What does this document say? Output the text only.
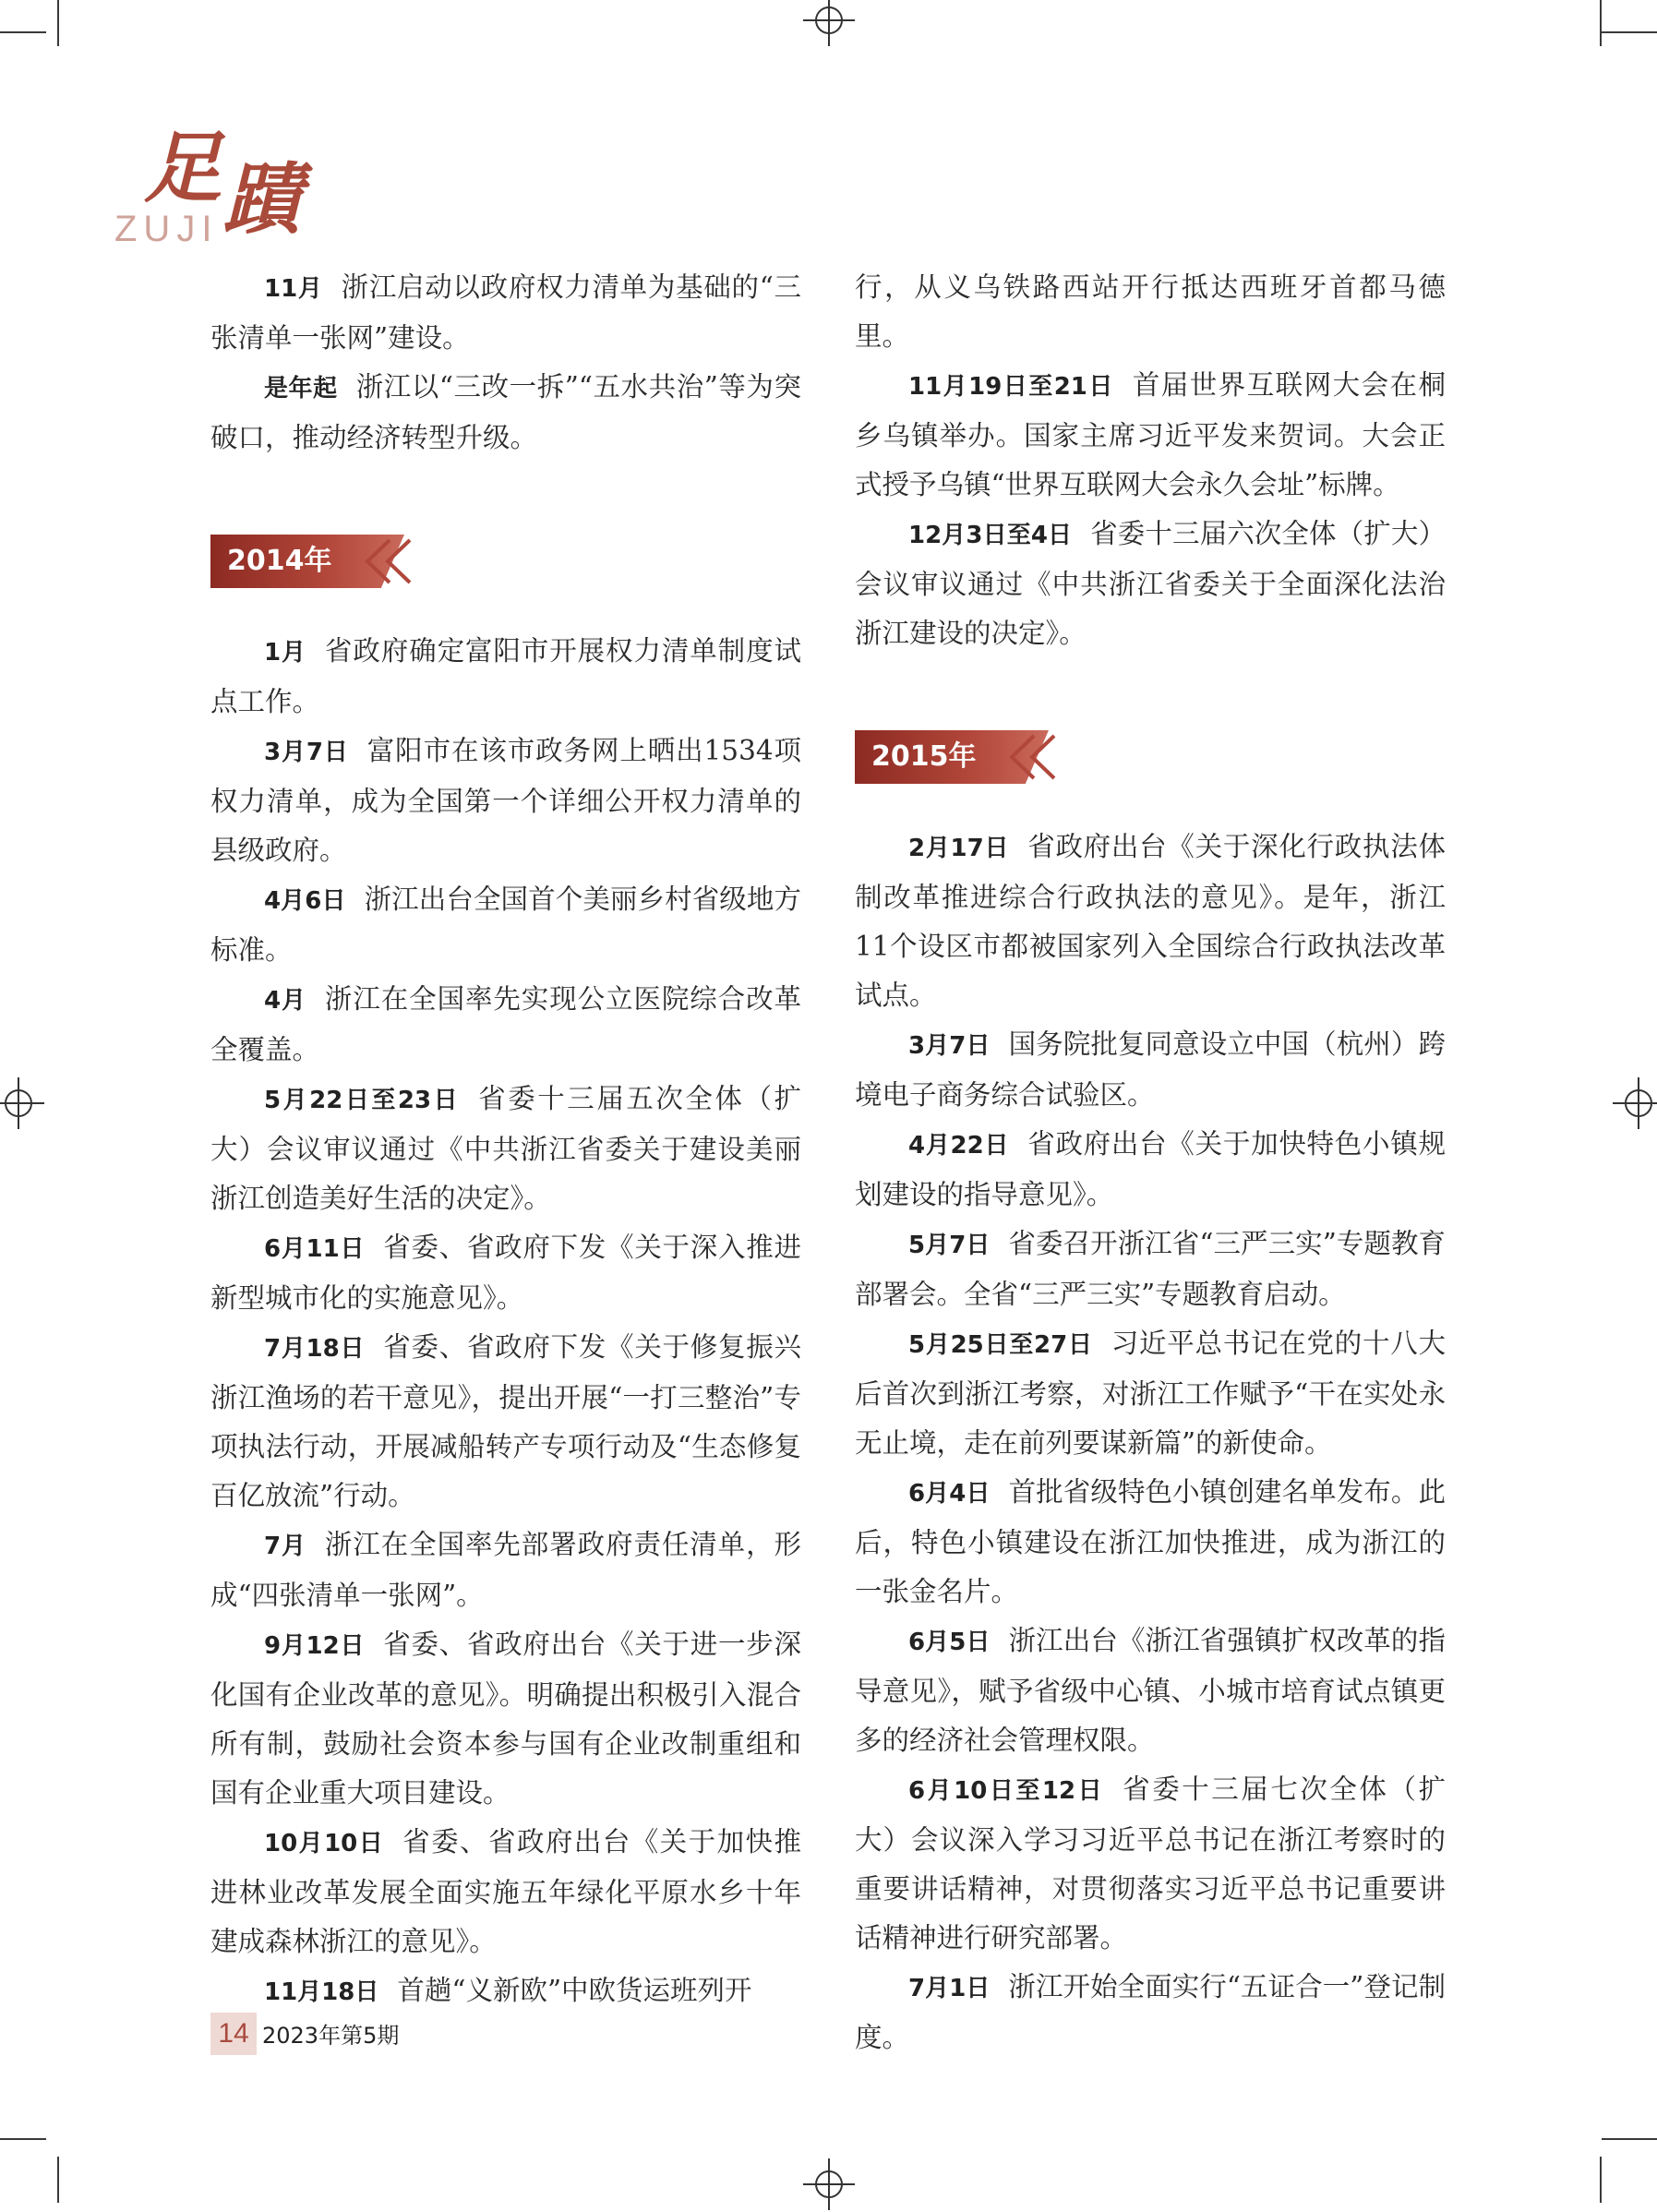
足蹟
ZUJI

11月 浙江启动以政府权力清单为基础的“三张清单一张网”建设。

是年起 浙江以“三改一拆”“五水共治”等为突破口，推动经济转型升级。

2014年

1月 省政府确定富阳市开展权力清单制度试点工作。

3月7日 富阳市在该市政务网上晒出1534项权力清单，成为全国第一个详细公开权力清单的县级政府。

4月6日 浙江出台全国首个美丽乡村省级地方标准。

4月 浙江在全国率先实现公立医院综合改革全覆盖。

5月22日至23日 省委十三届五次全体（扩大）会议审议通过《中共浙江省委关于建设美丽浙江创造美好生活的决定》。

6月11日 省委、省政府下发《关于深入推进新型城市化的实施意见》。

7月18日 省委、省政府下发《关于修复振兴浙江渔场的若干意见》，提出开展“一打三整治”专项执法行动，开展减船转产专项行动及“生态修复百亿放流”行动。

7月 浙江在全国率先部署政府责任清单，形成“四张清单一张网”。

9月12日 省委、省政府出台《关于进一步深化国有企业改革的意见》。明确提出积极引入混合所有制，鼓励社会资本参与国有企业改制重组和国有企业重大项目建设。

10月10日 省委、省政府出台《关于加快推进林业改革发展全面实施五年绿化平原水乡十年建成森林浙江的意见》。

11月18日 首趟“义新欧”中欧货运班列开

行，从义乌铁路西站开行抵达西班牙首都马德里。

11月19日至21日 首届世界互联网大会在桐乡乌镇举办。国家主席习近平发来贺词。大会正式授予乌镇“世界互联网大会永久会址”标牌。

12月3日至4日 省委十三届六次全体（扩大）会议审议通过《中共浙江省委关于全面深化法治浙江建设的决定》。

2015年

2月17日 省政府出台《关于深化行政执法体制改革推进综合行政执法的意见》。是年，浙江11个设区市都被国家列入全国综合行政执法改革试点。

3月7日 国务院批复同意设立中国（杭州）跨境电子商务综合试验区。

4月22日 省政府出台《关于加快特色小镇规划建设的指导意见》。

5月7日 省委召开浙江省“三严三实”专题教育部署会。全省“三严三实”专题教育启动。

5月25日至27日 习近平总书记在党的十八大后首次到浙江考察，对浙江工作赋予“干在实处永无止境，走在前列要谋新篇”的新使命。

6月4日 首批省级特色小镇创建名单发布。此后，特色小镇建设在浙江加快推进，成为浙江的一张金名片。

6月5日 浙江出台《浙江省强镇扩权改革的指导意见》，赋予省级中心镇、小城市培育试点镇更多的经济社会管理权限。

6月10日至12日 省委十三届七次全体（扩大）会议深入学习习近平总书记在浙江考察时的重要讲话精神，对贯彻落实习近平总书记重要讲话精神进行研究部署。

7月1日 浙江开始全面实行“五证合一”登记制度。

14 2023年第5期
